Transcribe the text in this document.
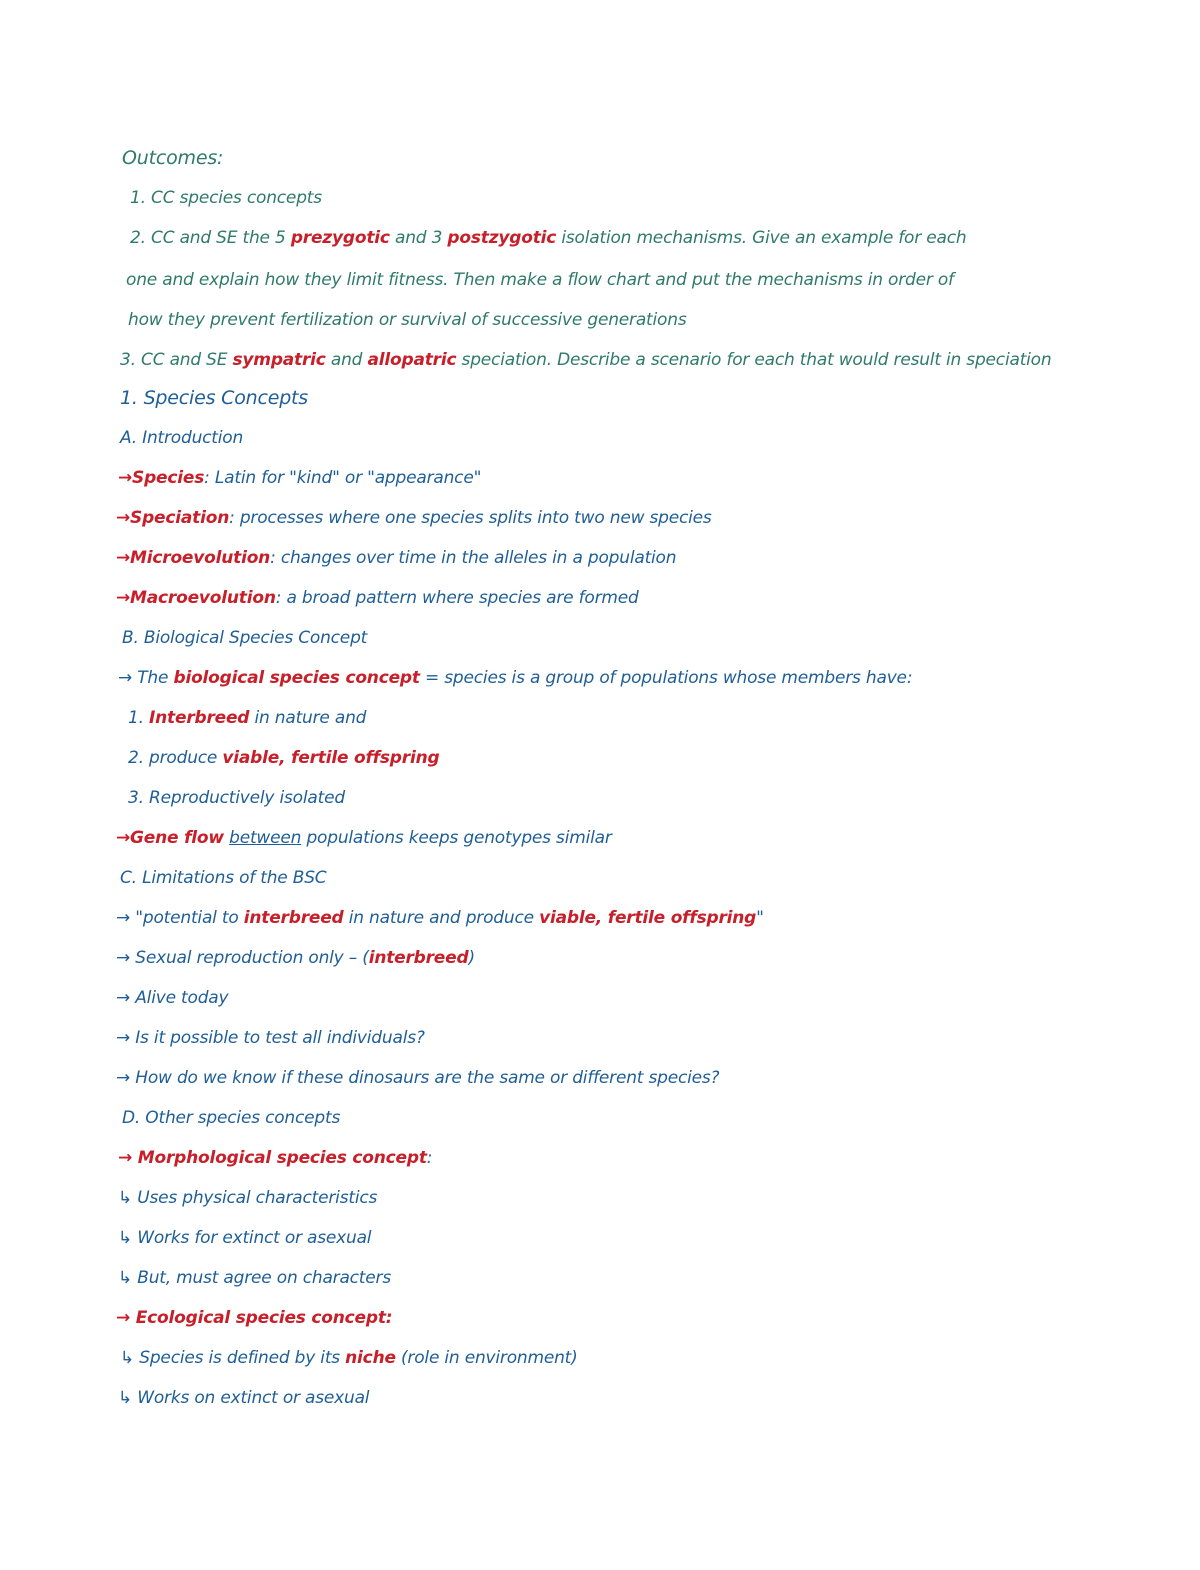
Outcomes:
1. CC species concepts
2. CC and SE the 5 prezygotic and 3 postzygotic isolation mechanisms. Give an example for each
one and explain how they limit fitness. Then make a flow chart and put the mechanisms in order of
how they prevent fertilization or survival of successive generations
3. CC and SE sympatric and allopatric speciation. Describe a scenario for each that would result in speciation
1. Species Concepts
A. Introduction
→Species: Latin for "kind" or "appearance"
→Speciation: processes where one species splits into two new species
→Microevolution: changes over time in the alleles in a population
→Macroevolution: a broad pattern where species are formed
B. Biological Species Concept
→ The biological species concept = species is a group of populations whose members have:
1. Interbreed in nature and
2. produce viable, fertile offspring
3. Reproductively isolated
→Gene flow between populations keeps genotypes similar
C. Limitations of the BSC
→ "potential to interbreed in nature and produce viable, fertile offspring"
→ Sexual reproduction only – (interbreed)
→ Alive today
→ Is it possible to test all individuals?
→ How do we know if these dinosaurs are the same or different species?
D. Other species concepts
→ Morphological species concept:
↳ Uses physical characteristics
↳ Works for extinct or asexual
↳ But, must agree on characters
→ Ecological species concept:
↳ Species is defined by its niche (role in environment)
↳ Works on extinct or asexual
